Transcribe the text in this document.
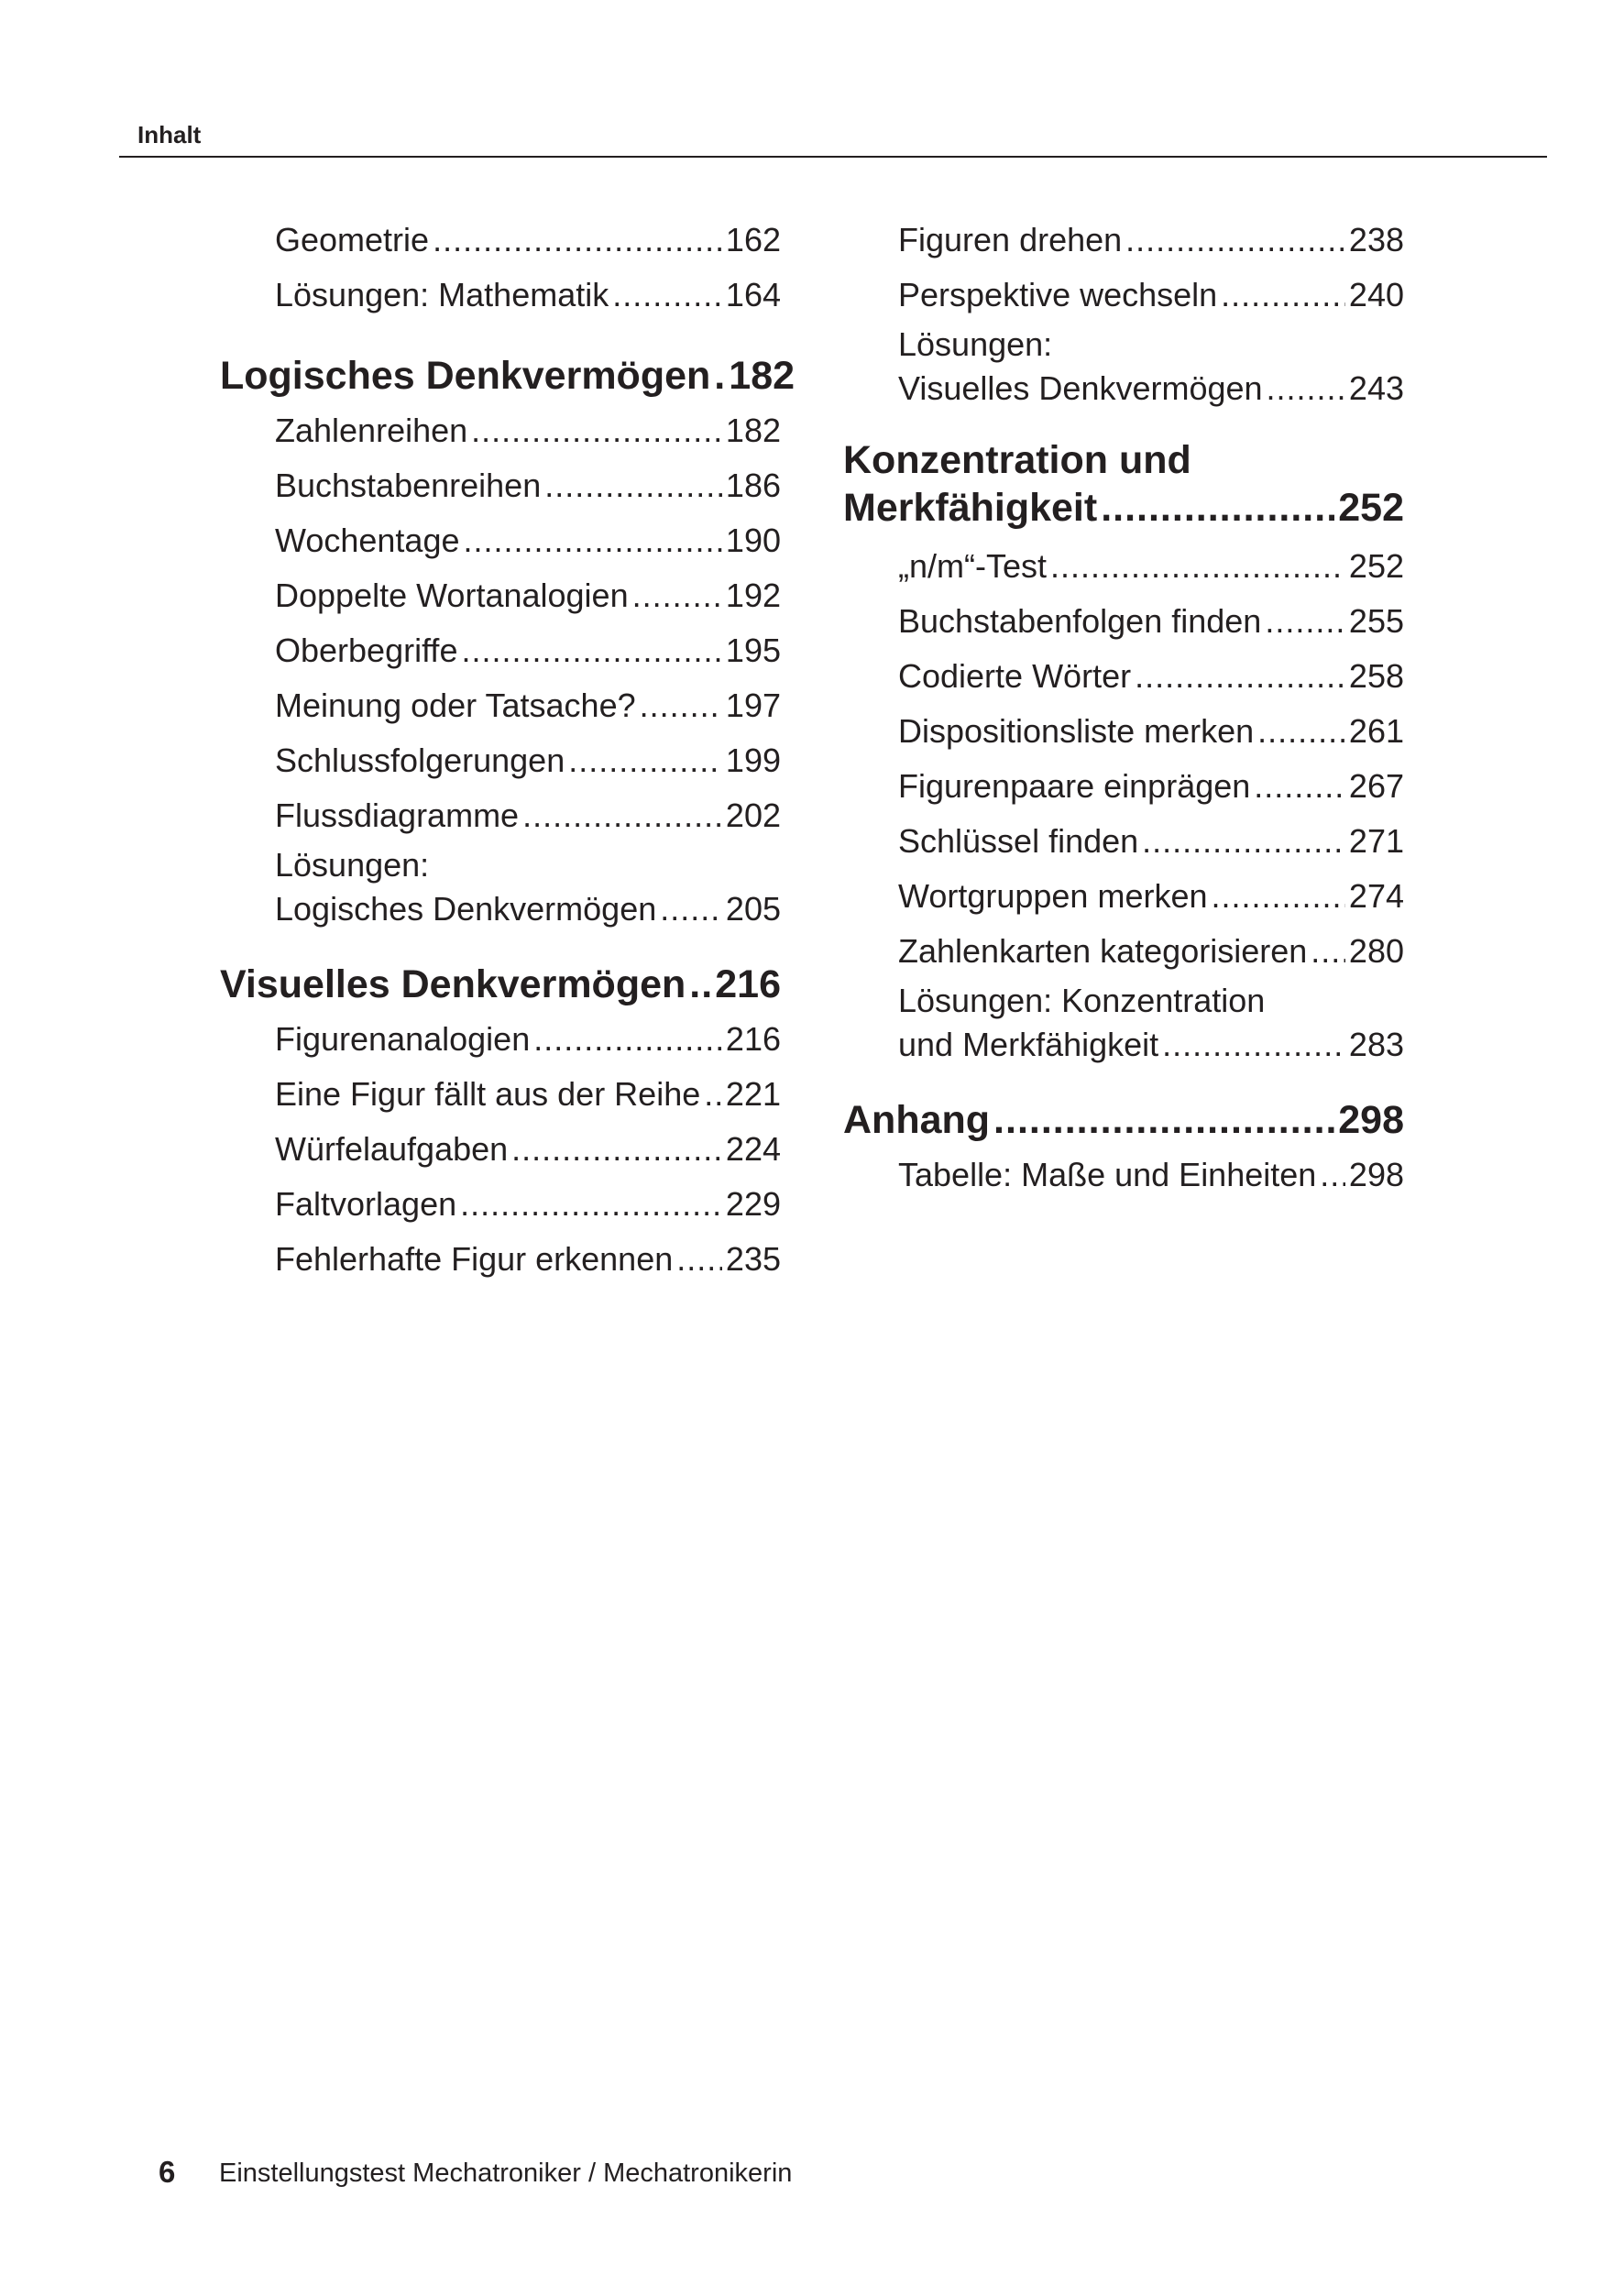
Inhalt
Geometrie .....	162
Lösungen: Mathematik .....	164
Logisches Denkvermögen ..... 182
Zahlenreihen .....	182
Buchstabenreihen .....	186
Wochentage .....	190
Doppelte Wortanalogien .....	192
Oberbegriffe .....	195
Meinung oder Tatsache? .....	197
Schlussfolgerungen .....	199
Flussdiagramme .....	202
Lösungen:
Logisches Denkvermögen ..... 205
Visuelles Denkvermögen ..... 216
Figurenanalogien .....	216
Eine Figur fällt aus der Reihe ..... 221
Würfelaufgaben .....	224
Faltvorlagen .....	229
Fehlerhafte Figur erkennen ..... 235
Figuren drehen .....	238
Perspektive wechseln .....	240
Lösungen:
Visuelles Denkvermögen .....	243
Konzentration und
Merkfähigkeit .....	252
„n/m“-Test .....	252
Buchstabenfolgen finden .....	255
Codierte Wörter .....	258
Dispositionsliste merken .....	261
Figurenpaare einprägen .....	267
Schlüssel finden .....	271
Wortgruppen merken .....	274
Zahlenkarten kategorisieren ..... 280
Lösungen: Konzentration
und Merkfähigkeit .....	283
Anhang .....	298
Tabelle: Maße und Einheiten ..... 298
6 Einstellungstest Mechatroniker / Mechatronikerin
